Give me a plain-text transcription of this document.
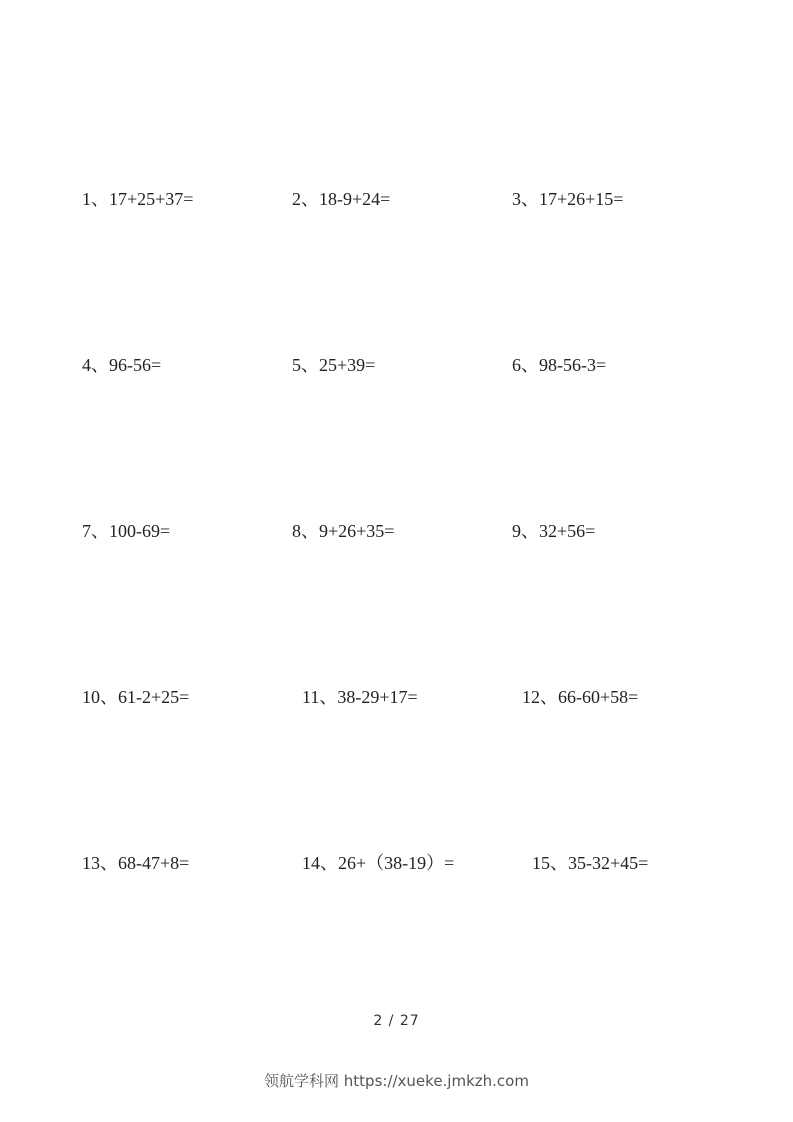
1、17+25+37=	2、18-9+24=	3、17+26+15=
4、96-56=	5、25+39=	6、98-56-3=
7、100-69=	8、9+26+35=	9、32+56=
10、61-2+25=	11、38-29+17=	12、66-60+58=
13、68-47+8=	14、26+（38-19）=	15、35-32+45=
2 / 27
领航学科网 https://xueke.jmkzh.com
